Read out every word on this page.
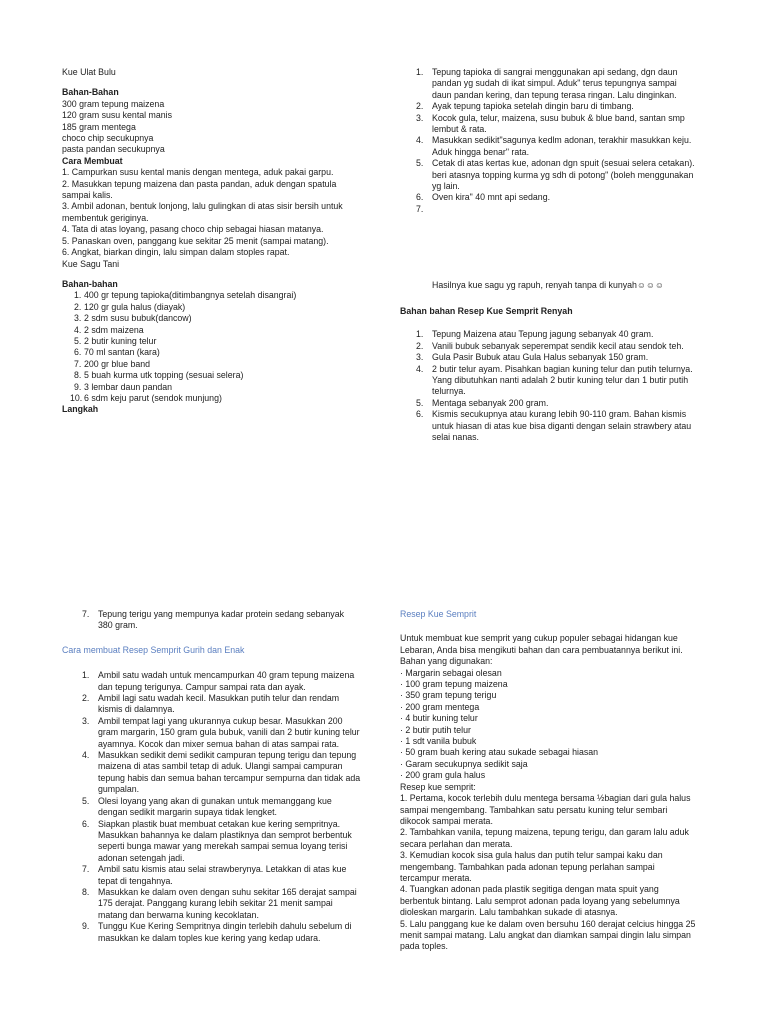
Kue Ulat Bulu
Bahan-Bahan
300 gram tepung maizena
120 gram susu kental manis
185 gram mentega
choco chip secukupnya
pasta pandan secukupnya
Cara Membuat
1. Campurkan susu kental manis dengan mentega, aduk pakai garpu.
2. Masukkan tepung maizena dan pasta pandan, aduk dengan spatula
sampai kalis.
3. Ambil adonan, bentuk lonjong, lalu gulingkan di atas sisir bersih untuk
membentuk geriginya.
4. Tata di atas loyang, pasang choco chip sebagai hiasan matanya.
5. Panaskan oven, panggang kue sekitar 25 menit (sampai matang).
6. Angkat, biarkan dingin, lalu simpan dalam stoples rapat.
Kue Sagu Tani
Bahan-bahan
1. 400 gr tepung tapioka(ditimbangnya setelah disangrai)
2. 120 gr gula halus (diayak)
3. 2 sdm susu bubuk(dancow)
4. 2 sdm maizena
5. 2 butir kuning telur
6. 70 ml santan (kara)
7. 200 gr blue band
8. 5 buah kurma utk topping (sesuai selera)
9. 3 lembar daun pandan
10. 6 sdm keju parut (sendok munjung)
Langkah
1. Tepung tapioka di sangrai menggunakan api sedang, dgn daun
pandan yg sudah di ikat simpul. Aduk" terus tepungnya sampai
daun pandan kering, dan tepung terasa ringan. Lalu dinginkan.
2. Ayak tepung tapioka setelah dingin baru di timbang.
3. Kocok gula, telur, maizena, susu bubuk & blue band, santan smp
lembut & rata.
4. Masukkan sedikit"sagunya kedlm adonan, terakhir masukkan keju.
Aduk hingga benar" rata.
5. Cetak di atas kertas kue, adonan dgn spuit (sesuai selera cetakan).
beri atasnya topping kurma yg sdh di potong" (boleh menggunakan
yg lain.
6. Oven kira" 40 mnt api sedang.
7.
Hasilnya kue sagu yg rapuh, renyah tanpa di kunyah☺☺☺
Bahan bahan Resep Kue Semprit Renyah
1. Tepung Maizena atau Tepung jagung sebanyak 40 gram.
2. Vanili bubuk sebanyak seperempat sendik kecil atau sendok teh.
3. Gula Pasir Bubuk atau Gula Halus sebanyak 150 gram.
4. 2 butir telur ayam. Pisahkan bagian kuning telur dan putih telurnya.
Yang dibutuhkan nanti adalah 2 butir kuning telur dan 1 butir putih
telurnya.
5. Mentaga sebanyak 200 gram.
6. Kismis secukupnya atau kurang lebih 90-110 gram. Bahan kismis
untuk hiasan di atas kue bisa diganti dengan selain strawbery atau
selai nanas.
7. Tepung terigu yang mempunya kadar protein sedang sebanyak
380 gram.
Cara membuat Resep Semprit Gurih dan Enak
1. Ambil satu wadah untuk mencampurkan 40 gram tepung maizena
dan tepung terigunya. Campur sampai rata dan ayak.
2. Ambil lagi satu wadah kecil. Masukkan putih telur dan rendam
kismis di dalamnya.
3. Ambil tempat lagi yang ukurannya cukup besar. Masukkan 200
gram margarin, 150 gram gula bubuk, vanili dan 2 butir kuning telur
ayamnya. Kocok dan mixer semua bahan di atas sampai rata.
4. Masukkan sedikit demi sedikit campuran tepung terigu dan tepung
maizena di atas sambil tetap di aduk. Ulangi sampai campuran
tepung habis dan semua bahan tercampur sempurna dan tidak ada
gumpalan.
5. Olesi loyang yang akan di gunakan untuk memanggang kue
dengan sedikit margarin supaya tidak lengket.
6. Siapkan plastik buat membuat cetakan kue kering sempritnya.
Masukkan bahannya ke dalam plastiknya dan semprot berbentuk
seperti bunga mawar yang merekah sampai semua loyang terisi
adonan setengah jadi.
7. Ambil satu kismis atau selai strawberynya. Letakkan di atas kue
tepat di tengahnya.
8. Masukkan ke dalam oven dengan suhu sekitar 165 derajat sampai
175 derajat. Panggang kurang lebih sekitar 21 menit sampai
matang dan berwarna kuning kecoklatan.
9. Tunggu Kue Kering Sempritnya dingin terlebih dahulu sebelum di
masukkan ke dalam toples kue kering yang kedap udara.
Resep Kue Semprit
Untuk membuat kue semprit yang cukup populer sebagai hidangan kue
Lebaran, Anda bisa mengikuti bahan dan cara pembuatannya berikut ini.
Bahan yang digunakan:
· Margarin sebagai olesan
· 100 gram tepung maizena
· 350 gram tepung terigu
· 200 gram mentega
· 4 butir kuning telur
· 2 butir putih telur
· 1 sdt vanila bubuk
· 50 gram buah kering atau sukade sebagai hiasan
· Garam secukupnya sedikit saja
· 200 gram gula halus
Resep kue semprit:
1. Pertama, kocok terlebih dulu mentega bersama ½bagian dari gula halus
sampai mengembang. Tambahkan satu persatu kuning telur sembari
dikocok sampai merata.
2. Tambahkan vanila, tepung maizena, tepung terigu, dan garam lalu aduk
secara perlahan dan merata.
3. Kemudian kocok sisa gula halus dan putih telur sampai kaku dan
mengembang. Tambahkan pada adonan tepung perlahan sampai
tercampur merata.
4. Tuangkan adonan pada plastik segitiga dengan mata spuit yang
berbentuk bintang. Lalu semprot adonan pada loyang yang sebelumnya
dioleskan margarin. Lalu tambahkan sukade di atasnya.
5. Lalu panggang kue ke dalam oven bersuhu 160 derajat celcius hingga 25
menit sampai matang. Lalu angkat dan diamkan sampai dingin lalu simpan
pada toples.
